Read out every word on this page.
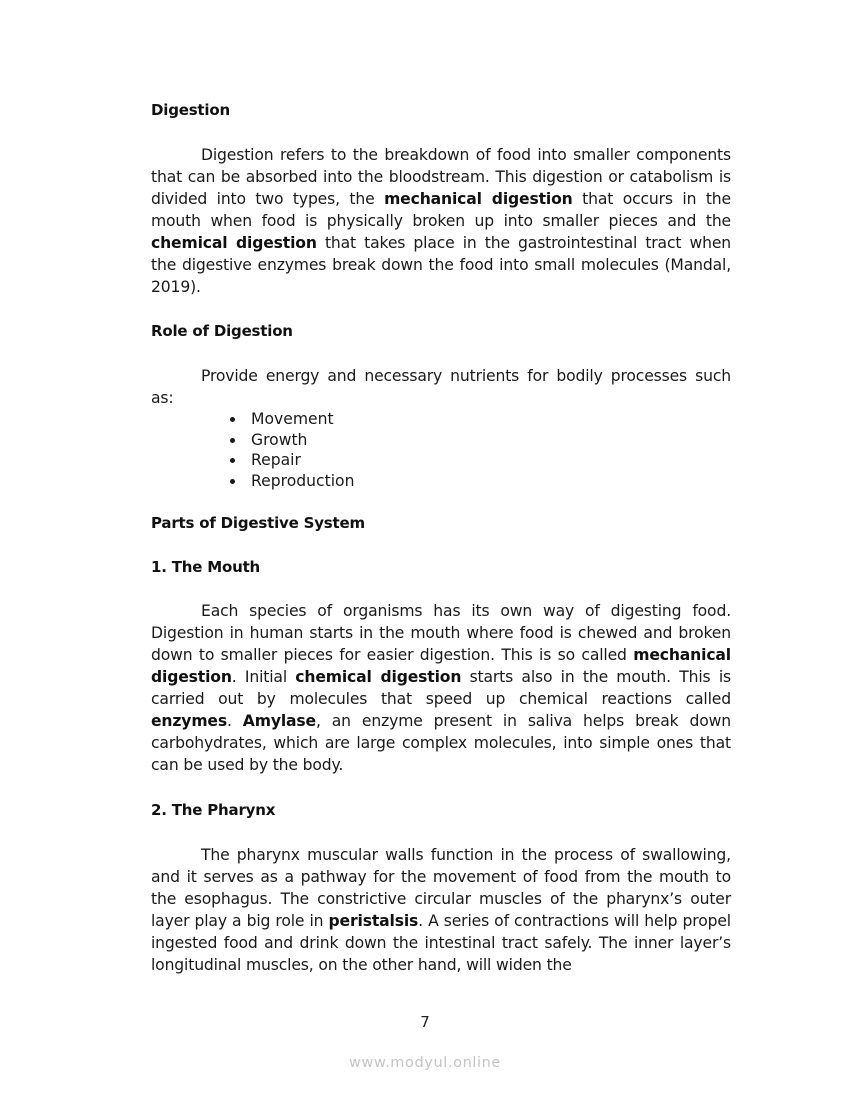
Digestion
Digestion refers to the breakdown of food into smaller components that can be absorbed into the bloodstream. This digestion or catabolism is divided into two types, the mechanical digestion that occurs in the mouth when food is physically broken up into smaller pieces and the chemical digestion that takes place in the gastrointestinal tract when the digestive enzymes break down the food into small molecules (Mandal, 2019).
Role of Digestion
Provide energy and necessary nutrients for bodily processes such as:
Movement
Growth
Repair
Reproduction
Parts of Digestive System
1. The Mouth
Each species of organisms has its own way of digesting food. Digestion in human starts in the mouth where food is chewed and broken down to smaller pieces for easier digestion. This is so called mechanical digestion. Initial chemical digestion starts also in the mouth. This is carried out by molecules that speed up chemical reactions called enzymes. Amylase, an enzyme present in saliva helps break down carbohydrates, which are large complex molecules, into simple ones that can be used by the body.
2. The Pharynx
The pharynx muscular walls function in the process of swallowing, and it serves as a pathway for the movement of food from the mouth to the esophagus. The constrictive circular muscles of the pharynx’s outer layer play a big role in peristalsis. A series of contractions will help propel ingested food and drink down the intestinal tract safely. The inner layer’s longitudinal muscles, on the other hand, will widen the
7
www.modyul.online
